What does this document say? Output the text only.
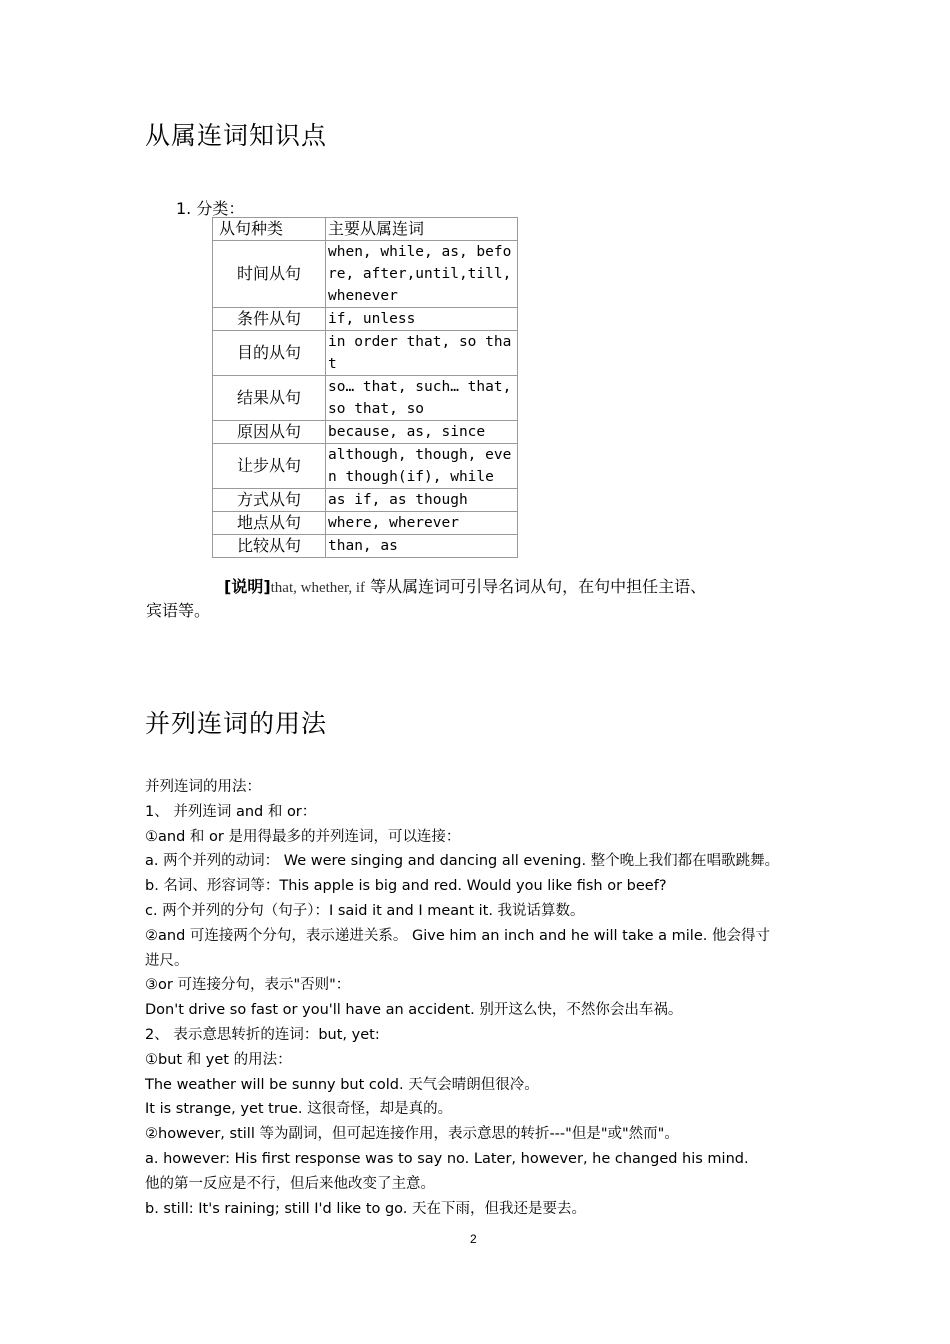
从属连词知识点
1. 分类：
从句种类	主要从属连词
时间从句	when, while, as, before, after,until,till,whenever
条件从句	if, unless
目的从句	in order that, so that
结果从句	so… that, such… that, so that, so
原因从句	because, as, since
让步从句	although, though, even though(if), while
方式从句	as if, as though
地点从句	where, wherever
比较从句	than, as
[说明]that, whether, if 等从属连词可引导名词从句，在句中担任主语、
宾语等。
并列连词的用法
并列连词的用法：
1、 并列连词 and 和 or：
①and 和 or 是用得最多的并列连词，可以连接：
a. 两个并列的动词： We were singing and dancing all evening. 整个晚上我们都在唱歌跳舞。
b. 名词、形容词等：This apple is big and red. Would you like fish or beef?
c. 两个并列的分句（句子）：I said it and I meant it. 我说话算数。
②and 可连接两个分句，表示递进关系。 Give him an inch and he will take a mile. 他会得寸
进尺。
③or 可连接分句，表示"否则"：
Don't drive so fast or you'll have an accident. 别开这么快，不然你会出车祸。
2、 表示意思转折的连词：but, yet:
①but 和 yet 的用法：
The weather will be sunny but cold. 天气会晴朗但很冷。
It is strange, yet true. 这很奇怪，却是真的。
②however, still 等为副词，但可起连接作用，表示意思的转折---"但是"或"然而"。
a. however: His first response was to say no. Later, however, he changed his mind.
他的第一反应是不行，但后来他改变了主意。
b. still: It's raining; still I'd like to go. 天在下雨，但我还是要去。
2
